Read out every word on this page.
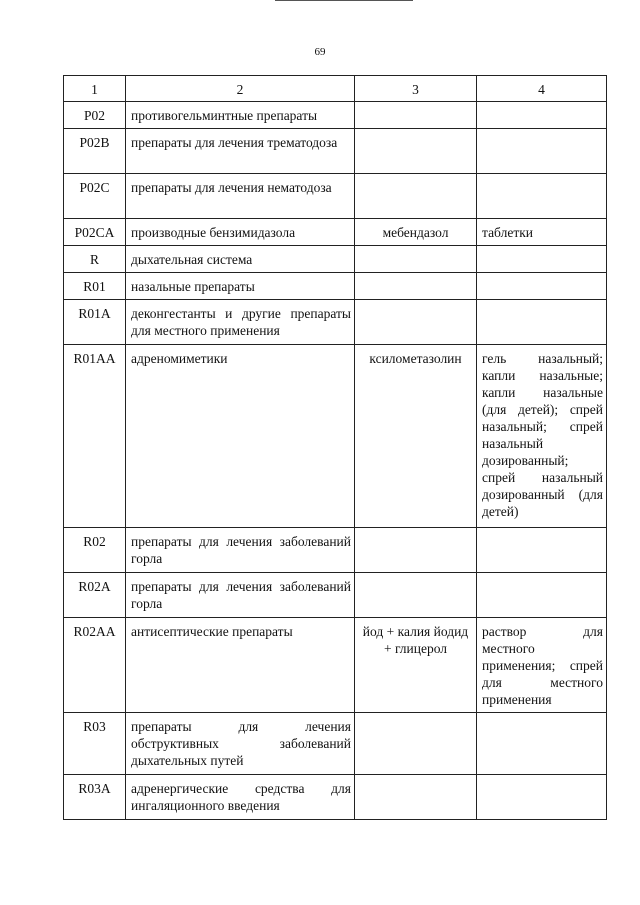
69
1	2	3	4
P02	противогельминтные препараты		
P02B	препараты для лечения трематодоза		
P02C	препараты для лечения нематодоза		
P02CA	производные бензимидазола	мебендазол	таблетки
R	дыхательная система		
R01	назальные препараты		
R01A	деконгестанты и другие препараты для местного применения		
R01AA	адреномиметики	ксилометазолин	гель назальный; капли назальные; капли назальные (для детей); спрей назальный; спрей назальный дозированный; спрей назальный дозированный (для детей)
R02	препараты для лечения заболеваний горла		
R02A	препараты для лечения заболеваний горла		
R02AA	антисептические препараты	йод + калия йодид + глицерол	раствор для местного применения; спрей для местного применения
R03	препараты для лечения обструктивных заболеваний дыхательных путей		
R03A	адренергические средства для ингаляционного введения		
